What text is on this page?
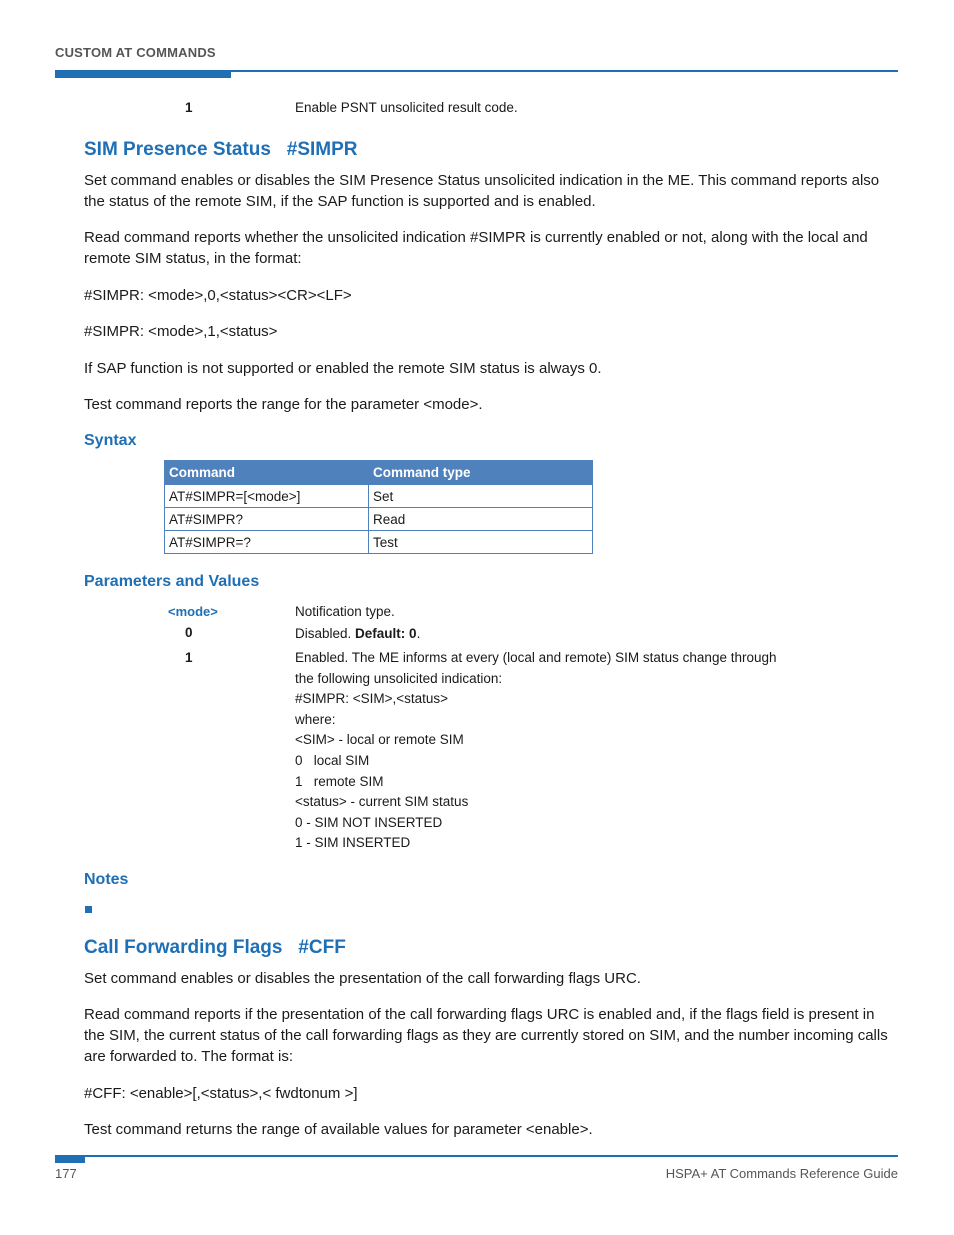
CUSTOM AT COMMANDS
1	Enable PSNT unsolicited result code.
SIM Presence Status   #SIMPR
Set command enables or disables the SIM Presence Status unsolicited indication in the ME. This command reports also the status of the remote SIM, if the SAP function is supported and is enabled.
Read command reports whether the unsolicited indication #SIMPR is currently enabled or not, along with the local and remote SIM status, in the format:
#SIMPR: <mode>,0,<status><CR><LF>
#SIMPR: <mode>,1,<status>
If SAP function is not supported or enabled the remote SIM status is always 0.
Test command reports the range for the parameter <mode>.
Syntax
Command	Command type
AT#SIMPR=[<mode>]	Set
AT#SIMPR?	Read
AT#SIMPR=?	Test
Parameters and Values
<mode>	Notification type.
0	Disabled. Default: 0.
1	Enabled. The ME informs at every (local and remote) SIM status change through
the following unsolicited indication:
#SIMPR: <SIM>,<status>
where:
<SIM> - local or remote SIM
0   local SIM
1   remote SIM
<status> - current SIM status
0 - SIM NOT INSERTED
1 - SIM INSERTED
Notes
Call Forwarding Flags   #CFF
Set command enables or disables the presentation of the call forwarding flags URC.
Read command reports if the presentation of the call forwarding flags URC is enabled and, if the flags field is present in the SIM, the current status of the call forwarding flags as they are currently stored on SIM, and the number incoming calls are forwarded to. The format is:
#CFF: <enable>[,<status>,< fwdtonum >]
Test command returns the range of available values for parameter <enable>.
177	HSPA+ AT Commands Reference Guide
